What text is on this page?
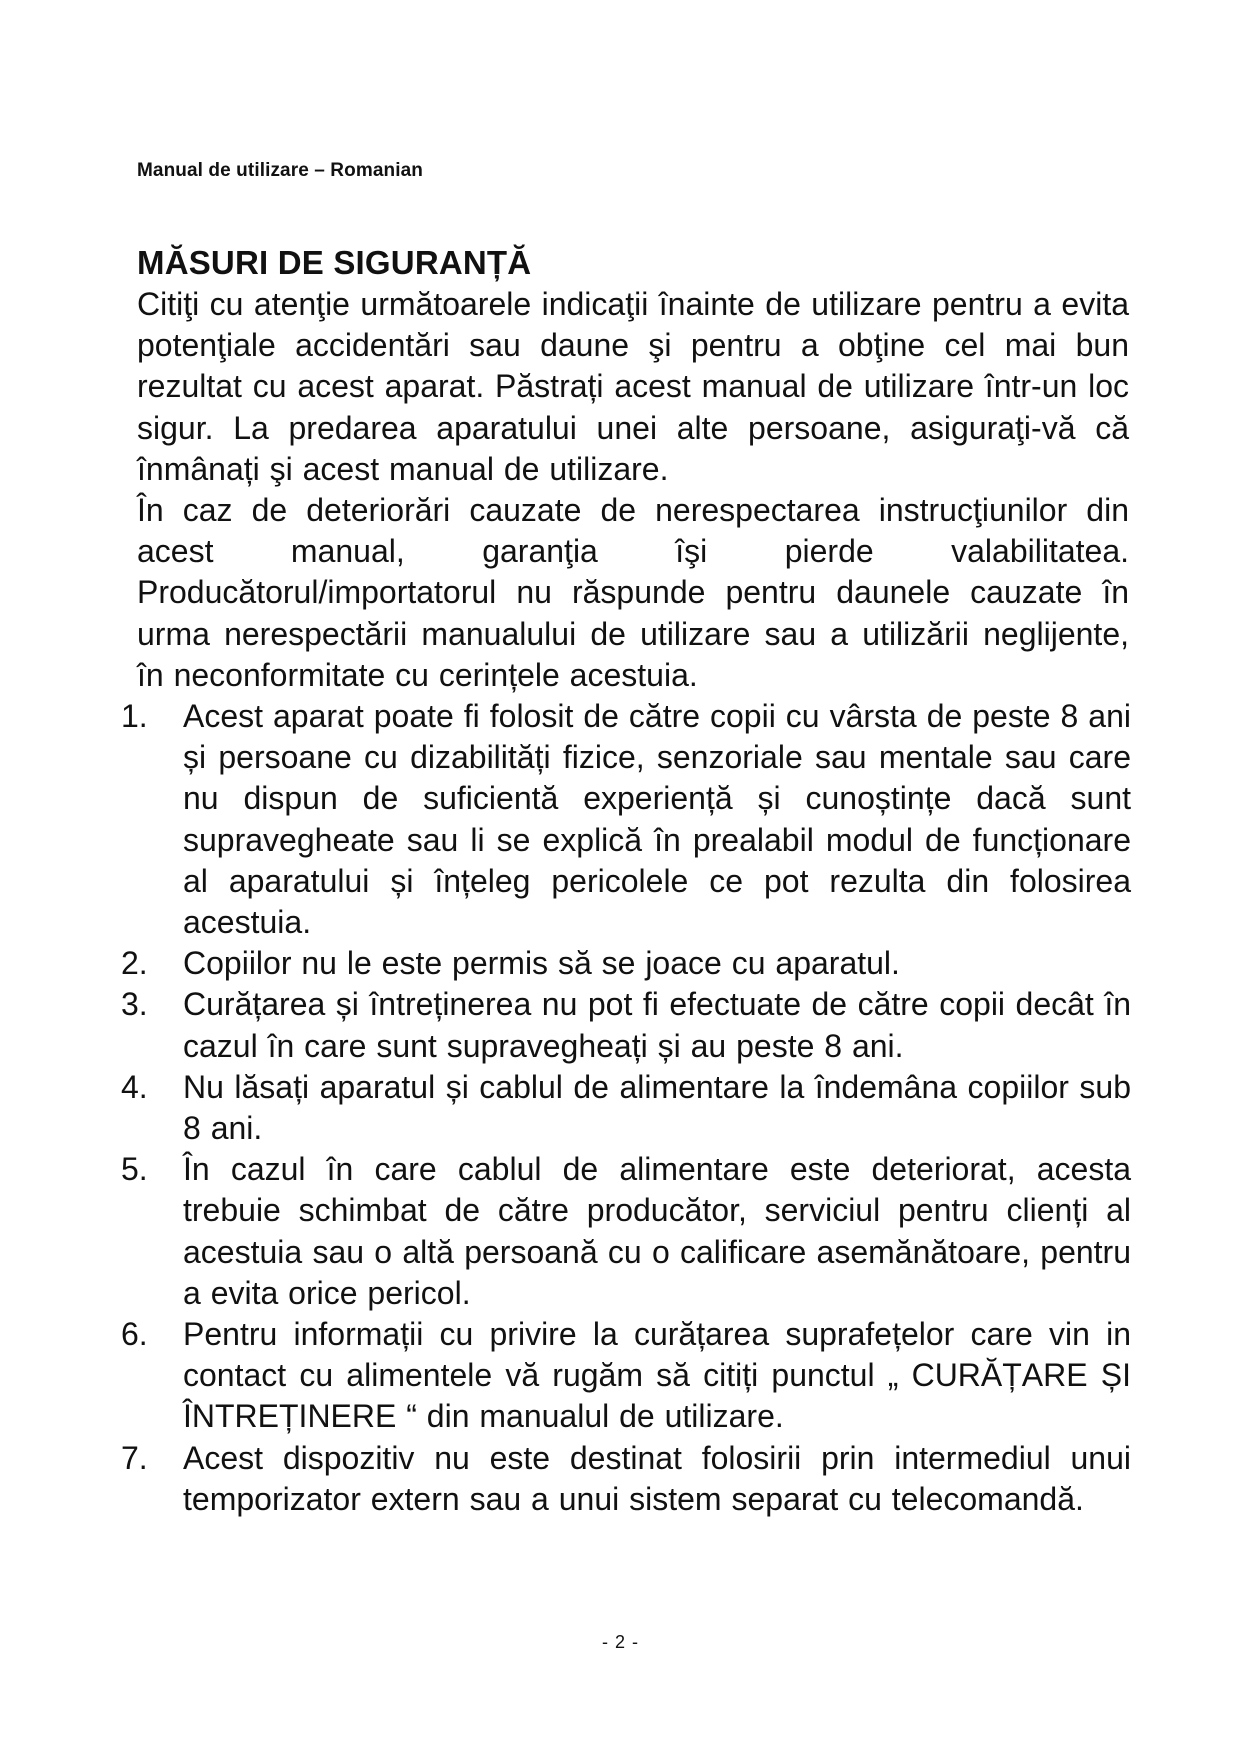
Manual de utilizare – Romanian
MĂSURI DE SIGURANȚĂ

Citiţi cu atenţie următoarele indicaţii înainte de utilizare pentru a evita potenţiale accidentări sau daune şi pentru a obţine cel mai bun rezultat cu acest aparat. Păstrați acest manual de utilizare într-un loc sigur. La predarea aparatului unei alte persoane, asiguraţi-vă că înmânați şi acest manual de utilizare.

În caz de deteriorări cauzate de nerespectarea instrucţiunilor din acest manual, garanţia îşi pierde valabilitatea. Producătorul/importatorul nu răspunde pentru daunele cauzate în urma nerespectării manualului de utilizare sau a utilizării neglijente, în neconformitate cu cerințele acestuia.

1. Acest aparat poate fi folosit de către copii cu vârsta de peste 8 ani și persoane cu dizabilități fizice, senzoriale sau mentale sau care nu dispun de suficientă experiență și cunoștințe dacă sunt supravegheate sau li se explică în prealabil modul de funcționare al aparatului și înțeleg pericolele ce pot rezulta din folosirea acestuia.
2. Copiilor nu le este permis să se joace cu aparatul.
3. Curățarea și întreținerea nu pot fi efectuate de către copii decât în cazul în care sunt supravegheați și au peste 8 ani.
4. Nu lăsați aparatul și cablul de alimentare la îndemâna copiilor sub 8 ani.
5. În cazul în care cablul de alimentare este deteriorat, acesta trebuie schimbat de către producător, serviciul pentru clienți al acestuia sau o altă persoană cu o calificare asemănătoare, pentru a evita orice pericol.
6. Pentru informații cu privire la curățarea suprafețelor care vin in contact cu alimentele vă rugăm să citiți punctul „ CURĂȚARE ȘI ÎNTREȚINERE “ din manualul de utilizare.
7. Acest dispozitiv nu este destinat folosirii prin intermediul unui temporizator extern sau a unui sistem separat cu telecomandă.
- 2 -
